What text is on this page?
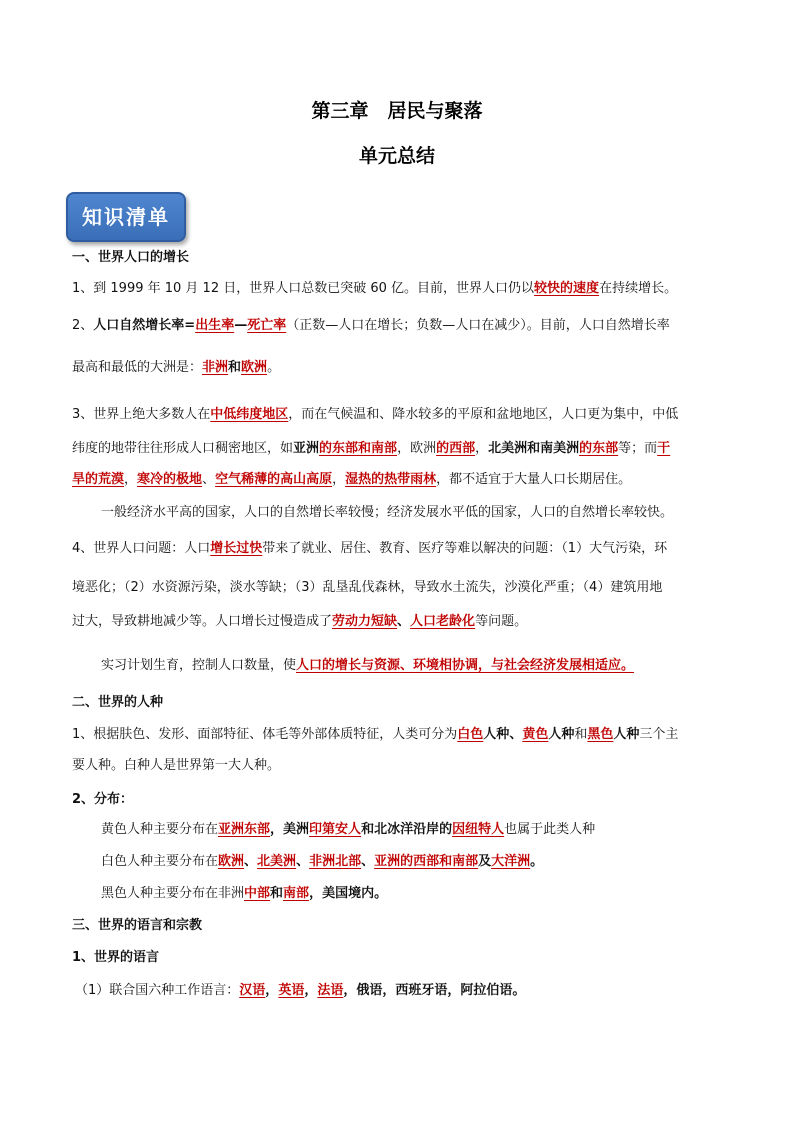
第三章　居民与聚落
单元总结
知识清单
一、世界人口的增长
1、到 1999 年 10 月 12 日，世界人口总数已突破 60 亿。目前，世界人口仍以较快的速度在持续增长。
2、人口自然增长率=出生率—死亡率（正数—人口在增长；负数—人口在减少）。目前，人口自然增长率
最高和最低的大洲是：非洲和欧洲。
3、世界上绝大多数人在中低纬度地区，而在气候温和、降水较多的平原和盆地地区，人口更为集中，中低
纬度的地带往往形成人口稠密地区，如亚洲的东部和南部，欧洲的西部，北美洲和南美洲的东部等；而干
旱的荒漠，寒冷的极地、空气稀薄的高山高原，湿热的热带雨林，都不适宜于大量人口长期居住。
一般经济水平高的国家，人口的自然增长率较慢；经济发展水平低的国家，人口的自然增长率较快。
4、世界人口问题：人口增长过快带来了就业、居住、教育、医疗等难以解决的问题：（1）大气污染，环
境恶化；（2）水资源污染，淡水等缺；（3）乱垦乱伐森林，导致水土流失，沙漠化严重；（4）建筑用地
过大，导致耕地减少等。人口增长过慢造成了劳动力短缺、人口老龄化等问题。
实习计划生育，控制人口数量，使人口的增长与资源、环境相协调，与社会经济发展相适应。
二、世界的人种
1、根据肤色、发形、面部特征、体毛等外部体质特征，人类可分为白色人种、黄色人种和黑色人种三个主
要人种。白种人是世界第一大人种。
2、分布：
黄色人种主要分布在亚洲东部，美洲印第安人和北冰洋沿岸的因纽特人也属于此类人种
白色人种主要分布在欧洲、北美洲、非洲北部、亚洲的西部和南部及大洋洲。
黑色人种主要分布在非洲中部和南部，美国境内。
三、世界的语言和宗教
1、世界的语言
（1）联合国六种工作语言：汉语，英语，法语，俄语，西班牙语，阿拉伯语。
